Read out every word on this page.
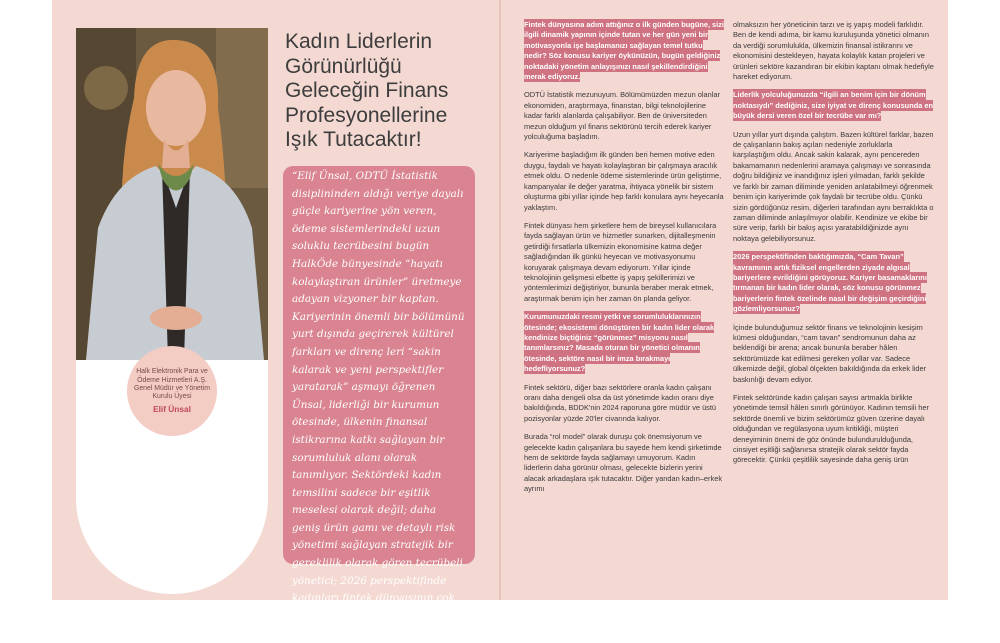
Halk Elektronik Para ve Ödeme Hizmetleri A.Ş. Genel Müdür ve Yönetim Kurulu Üyesi
Elif Ünsal
Kadın Liderlerin Görünürlüğü Geleceğin Finans Profesyonellerine Işık Tutacaktır!

“Elif Ünsal, ODTÜ İstatistik disiplininden aldığı veriye dayalı güçle kariyerine yön veren, ödeme sistemlerindeki uzun soluklu tecrübesini bugün HalkÖde bünyesinde “hayatı kolaylaştıran ürünler” üretmeye adayan vizyoner bir kaptan. Kariyerinin önemli bir bölümünü yurt dışında geçirerek kültürel farkları ve direnç leri “sakin kalarak ve yeni perspektifler yaratarak” aşmayı öğrenen Ünsal, liderliği bir kurumun ötesinde, ülkenin finansal istikrarına katkı sağlayan bir sorumluluk alanı olarak tanımlıyor. Sektördeki kadın temsilini sadece bir eşitlik meselesi olarak değil; daha geniş ürün gamı ve detaylı risk yönetimi sağlayan stratejik bir gereklilik olarak gören tecrübeli yönetici; 2026 perspektifinde kadınları fintek dünyasının çok katmanlı ve sarsılmaz itici gücü olarak konumlandırıyor.”

Fintek dünyasına adım attığınız o ilk günden bugüne, sizi ilgili dinamik yapının içinde tutan ve her gün yeni bir motivasyonla işe başlamanızı sağlayan temel tutku nedir? Söz konusu kariyer öykünüzün, bugün geldiğiniz noktadaki yönetim anlayışınızı nasıl şekillendirdiğini merak ediyoruz.

ODTÜ İstatistik mezunuyum. Bölümümüzden mezun olanlar ekonomiden, araştırmaya, finanstan, bilgi teknolojilerine kadar farklı alanlarda çalışabiliyor. Ben de üniversiteden mezun olduğum yıl finans sektörünü tercih ederek kariyer yolculuğuma başladım.

Kariyerime başladığım ilk günden beri hemen motive eden duygu, faydalı ve hayatı kolaylaştıran bir çalışmaya aracılık etmek oldu. O nedenle ödeme sistemlerinde ürün geliştirme, kampanyalar ile değer yaratma, ihtiyaca yönelik bir sistem oluşturma gibi yıllar içinde hep farklı konulara aynı heyecanla yaklaştım.

Fintek dünyası hem şirketlere hem de bireysel kullanıcılara fayda sağlayan ürün ve hizmetler sunarken, dijitalleşmenin getirdiği fırsatlarla ülkemizin ekonomisine katma değer sağladığından ilk günkü heyecan ve motivasyonumu koruyarak çalışmaya devam ediyorum. Yıllar içinde teknolojinin gelişmesi elbette iş yapış şekillerimizi ve yöntemlerimizi değiştiriyor, bununla beraber merak etmek, araştırmak benim için her zaman ön planda geliyor.

Kurumunuzdaki resmi yetki ve sorumluluklarınızın ötesinde; ekosistemi dönüştüren bir kadın lider olarak kendinize biçtiğiniz “görünmez” misyonu nasıl tanımlarsınız? Masada oturan bir yönetici olmanın ötesinde, sektöre nasıl bir imza bırakmayı hedefliyorsunuz?

Fintek sektörü, diğer bazı sektörlere oranla kadın çalışanı oranı daha dengeli olsa da üst yönetimde kadın oranı diye bakıldığında, BDDK'nin 2024 raporuna göre müdür ve üstü pozisyonlar yüzde 20'ler civarında kalıyor.

Burada “rol model” olarak duruşu çok önemsiyorum ve gelecekte kadın çalışanlara bu sayede hem kendi şirketimde hem de sektörde fayda sağlamayı umuyorum. Kadın liderlerin daha görünür olması, gelecekte bizlerin yerini alacak arkadaşlara ışık tutacaktır. Diğer yandan kadın–erkek ayrımı

olmaksızın her yöneticinin tarzı ve iş yapış modeli farklıdır. Ben de kendi adıma, bir kamu kuruluşunda yönetici olmanın da verdiği sorumlulukla, ülkemizin finansal istikrarını ve ekonomisini destekleyen, hayata kolaylık katan projeleri ve ürünleri sektöre kazandıran bir ekibin kaptanı olmak hedefiyle hareket ediyorum.

Liderlik yolculuğunuzda “ilgili an benim için bir dönüm noktasıydı” dediğiniz, size iyiyat ve direnç konusunda en büyük dersi veren özel bir tecrübe var mı?

Uzun yıllar yurt dışında çalıştım. Bazen kültürel farklar, bazen de çalışanların bakış açıları nedeniyle zorluklarla karşılaştığım oldu. Ancak sakin kalarak, aynı pencereden bakamamanın nedenlerini aramaya çalışmayı ve sonrasında doğru bildiğiniz ve inandığınız işleri yılmadan, farklı şekilde ve farklı bir zaman diliminde yeniden anlatabilmeyi öğrenmek benim için kariyerimde çok faydalı bir tecrübe oldu. Çünkü sizin gördüğünüz resim, diğerleri tarafından aynı berraklıkta o zaman diliminde anlaşılmıyor olabilir. Kendinize ve ekibe bir süre verip, farklı bir bakış açısı yaratabildiğinizde aynı noktaya gelebiliyorsunuz.

2026 perspektifinden baktığımızda, “Cam Tavan” kavramının artık fiziksel engellerden ziyade algısal bariyerlere evrildiğini görüyoruz. Kariyer basamaklarını tırmanan bir kadın lider olarak, söz konusu görünmez bariyerlerin fintek özelinde nasıl bir değişim geçirdiğini gözlemliyorsunuz?

İçinde bulunduğumuz sektör finans ve teknolojinin kesişim kümesi olduğundan, “cam tavan” sendromunun daha az beklendiği bir arena; ancak bununla beraber hâlen sektörümüzde kat edilmesi gereken yollar var. Sadece ülkemizde değil, global ölçekten bakıldığında da erkek lider baskınlığı devam ediyor.

Fintek sektöründe kadın çalışan sayısı artmakla birlikte yönetimde temsil hâlen sınırlı görünüyor. Kadının temsili her sektörde önemli ve bizim sektörümüz güven üzerine dayalı olduğundan ve regülasyona uyum kritikliği, müşteri deneyiminin önemi de göz önünde bulundurulduğunda, cinsiyet eşitliği sağlanırsa stratejik olarak sektör fayda görecektir. Çünkü çeşitlilik sayesinde daha geniş ürün
